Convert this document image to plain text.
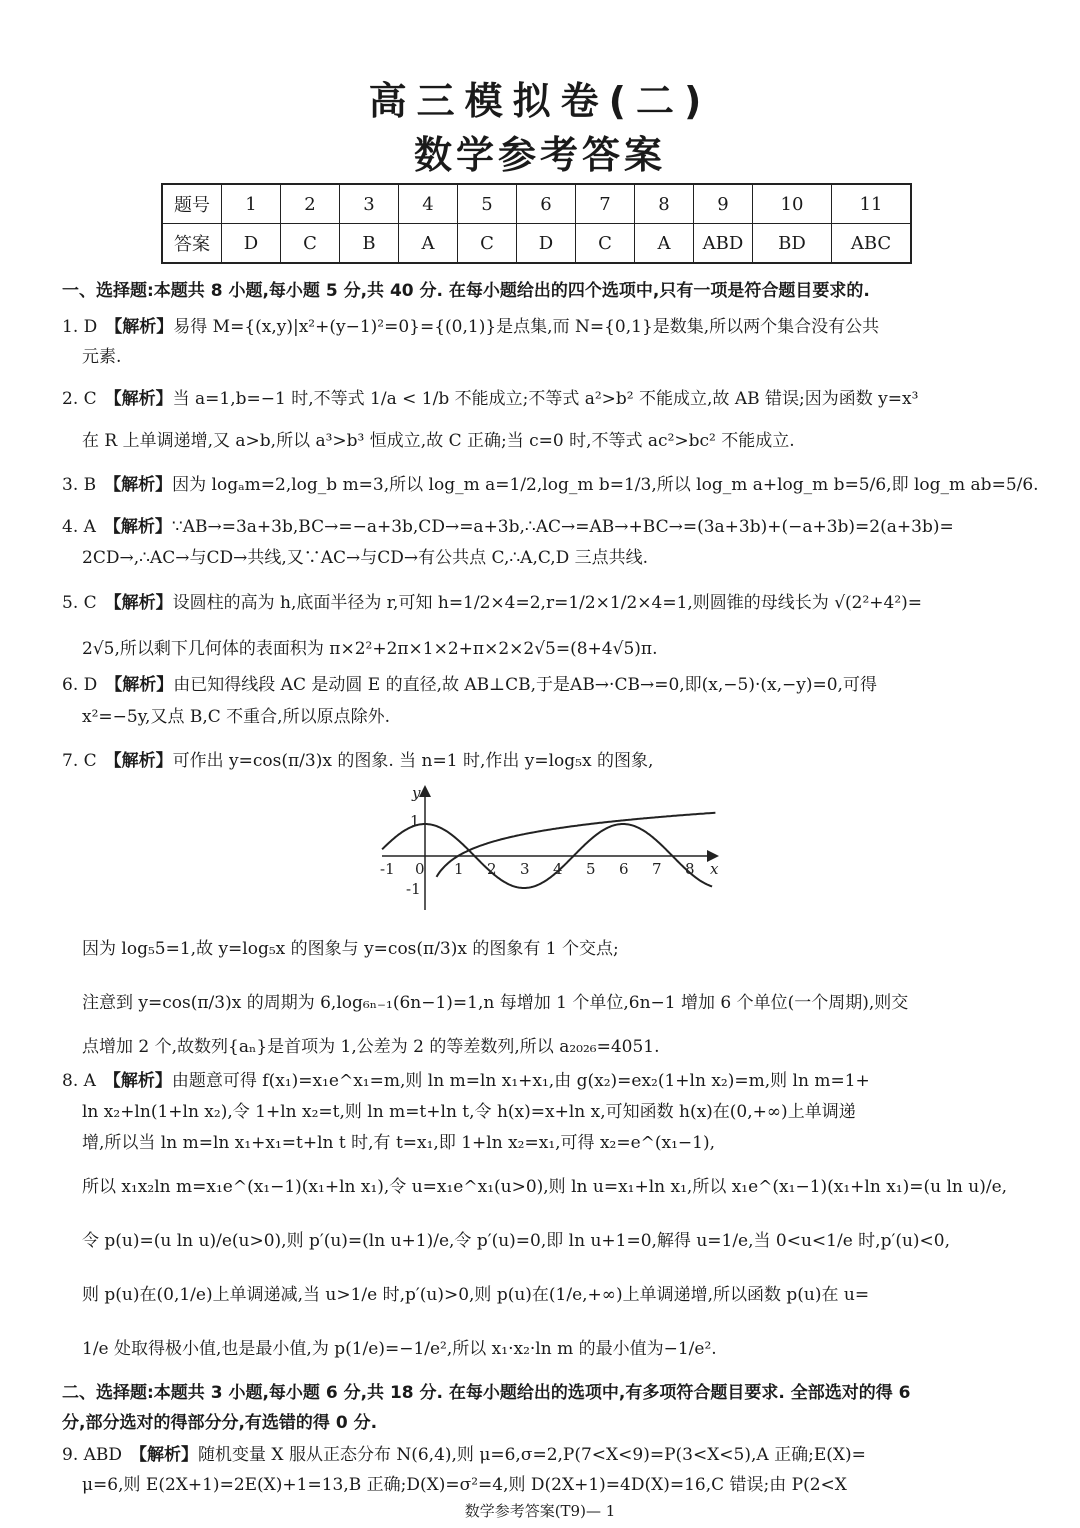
高三模拟卷(二)
数学参考答案
题号	1	2	3	4	5	6	7	8	9	10	11
答案	D	C	B	A	C	D	C	A	ABD	BD	ABC
一、选择题:本题共 8 小题,每小题 5 分,共 40 分. 在每小题给出的四个选项中,只有一项是符合题目要求的.
1. D 【解析】易得 M={(x,y)|x²+(y−1)²=0}={(0,1)}是点集,而 N={0,1}是数集,所以两个集合没有公共
元素.
2. C 【解析】当 a=1,b=−1 时,不等式 1/a < 1/b 不能成立;不等式 a²>b² 不能成立,故 AB 错误;因为函数 y=x³
在 R 上单调递增,又 a>b,所以 a³>b³ 恒成立,故 C 正确;当 c=0 时,不等式 ac²>bc² 不能成立.
3. B 【解析】因为 logₐm=2,log_b m=3,所以 log_m a=1/2,log_m b=1/3,所以 log_m a+log_m b=5/6,即 log_m ab=5/6.
4. A 【解析】∵AB→=3a+3b,BC→=−a+3b,CD→=a+3b,∴AC→=AB→+BC→=(3a+3b)+(−a+3b)=2(a+3b)=
2CD→,∴AC→与CD→共线,又∵AC→与CD→有公共点 C,∴A,C,D 三点共线.
5. C 【解析】设圆柱的高为 h,底面半径为 r,可知 h=1/2×4=2,r=1/2×1/2×4=1,则圆锥的母线长为 √(2²+4²)=
2√5,所以剩下几何体的表面积为 π×2²+2π×1×2+π×2×2√5=(8+4√5)π.
6. D 【解析】由已知得线段 AC 是动圆 E 的直径,故 AB⊥CB,于是AB→·CB→=0,即(x,−5)·(x,−y)=0,可得
x²=−5y,又点 B,C 不重合,所以原点除外.
7. C 【解析】可作出 y=cos(π/3)x 的图象. 当 n=1 时,作出 y=log₅x 的图象,
-1 0 1 2 3 4 5 6 7 8
1
-1
x
y
因为 log₅5=1,故 y=log₅x 的图象与 y=cos(π/3)x 的图象有 1 个交点;
注意到 y=cos(π/3)x 的周期为 6,log₆ₙ₋₁(6n−1)=1,n 每增加 1 个单位,6n−1 增加 6 个单位(一个周期),则交
点增加 2 个,故数列{aₙ}是首项为 1,公差为 2 的等差数列,所以 a₂₀₂₆=4051.
8. A 【解析】由题意可得 f(x₁)=x₁e^x₁=m,则 ln m=ln x₁+x₁,由 g(x₂)=ex₂(1+ln x₂)=m,则 ln m=1+
ln x₂+ln(1+ln x₂),令 1+ln x₂=t,则 ln m=t+ln t,令 h(x)=x+ln x,可知函数 h(x)在(0,+∞)上单调递
增,所以当 ln m=ln x₁+x₁=t+ln t 时,有 t=x₁,即 1+ln x₂=x₁,可得 x₂=e^(x₁−1),
所以 x₁x₂ln m=x₁e^(x₁−1)(x₁+ln x₁),令 u=x₁e^x₁(u>0),则 ln u=x₁+ln x₁,所以 x₁e^(x₁−1)(x₁+ln x₁)=(u ln u)/e,
令 p(u)=(u ln u)/e(u>0),则 p′(u)=(ln u+1)/e,令 p′(u)=0,即 ln u+1=0,解得 u=1/e,当 0<u<1/e 时,p′(u)<0,
则 p(u)在(0,1/e)上单调递减,当 u>1/e 时,p′(u)>0,则 p(u)在(1/e,+∞)上单调递增,所以函数 p(u)在 u=
1/e 处取得极小值,也是最小值,为 p(1/e)=−1/e²,所以 x₁·x₂·ln m 的最小值为−1/e².
二、选择题:本题共 3 小题,每小题 6 分,共 18 分. 在每小题给出的选项中,有多项符合题目要求. 全部选对的得 6
分,部分选对的得部分分,有选错的得 0 分.
9. ABD 【解析】随机变量 X 服从正态分布 N(6,4),则 μ=6,σ=2,P(7<X<9)=P(3<X<5),A 正确;E(X)=
μ=6,则 E(2X+1)=2E(X)+1=13,B 正确;D(X)=σ²=4,则 D(2X+1)=4D(X)=16,C 错误;由 P(2<X
数学参考答案(T9)— 1
